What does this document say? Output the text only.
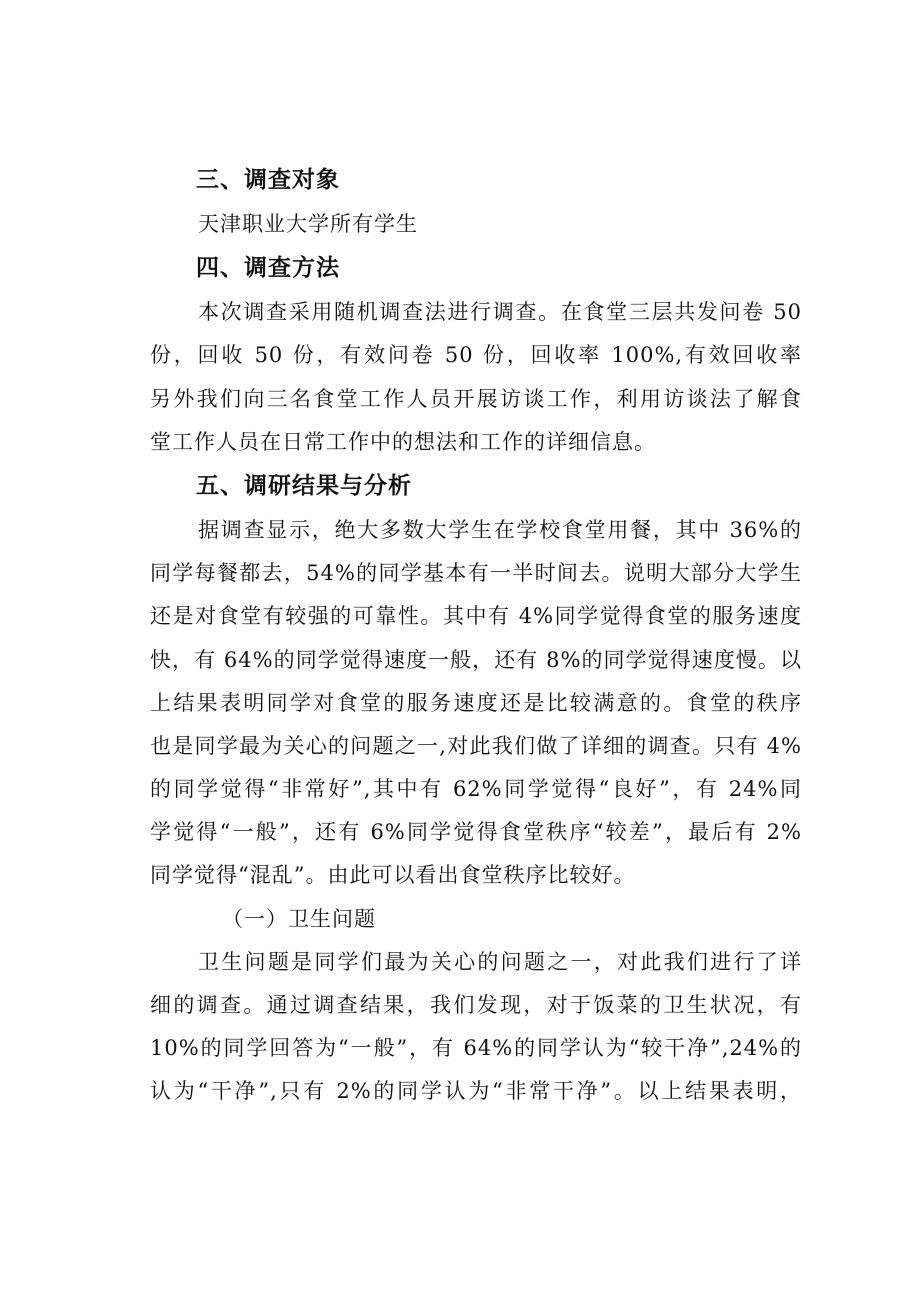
三、调查对象
天津职业大学所有学生
四、调查方法
本次调查采用随机调查法进行调查。在食堂三层共发问卷 50
份，回收 50 份，有效问卷 50 份，回收率 100%,有效回收率
另外我们向三名食堂工作人员开展访谈工作，利用访谈法了解食
堂工作人员在日常工作中的想法和工作的详细信息。
五、调研结果与分析
据调查显示，绝大多数大学生在学校食堂用餐，其中 36%的
同学每餐都去，54%的同学基本有一半时间去。说明大部分大学生
还是对食堂有较强的可靠性。其中有 4%同学觉得食堂的服务速度
快，有 64%的同学觉得速度一般，还有 8%的同学觉得速度慢。以
上结果表明同学对食堂的服务速度还是比较满意的。食堂的秩序
也是同学最为关心的问题之一,对此我们做了详细的调查。只有 4%
的同学觉得“非常好”,其中有 62%同学觉得“良好”，有 24%同
学觉得“一般”，还有 6%同学觉得食堂秩序“较差”，最后有 2%
同学觉得“混乱”。由此可以看出食堂秩序比较好。
（一）卫生问题
卫生问题是同学们最为关心的问题之一，对此我们进行了详
细的调查。通过调查结果，我们发现，对于饭菜的卫生状况，有
10%的同学回答为“一般”，有 64%的同学认为“较干净”,24%的
认为“干净”,只有 2%的同学认为“非常干净”。以上结果表明，
